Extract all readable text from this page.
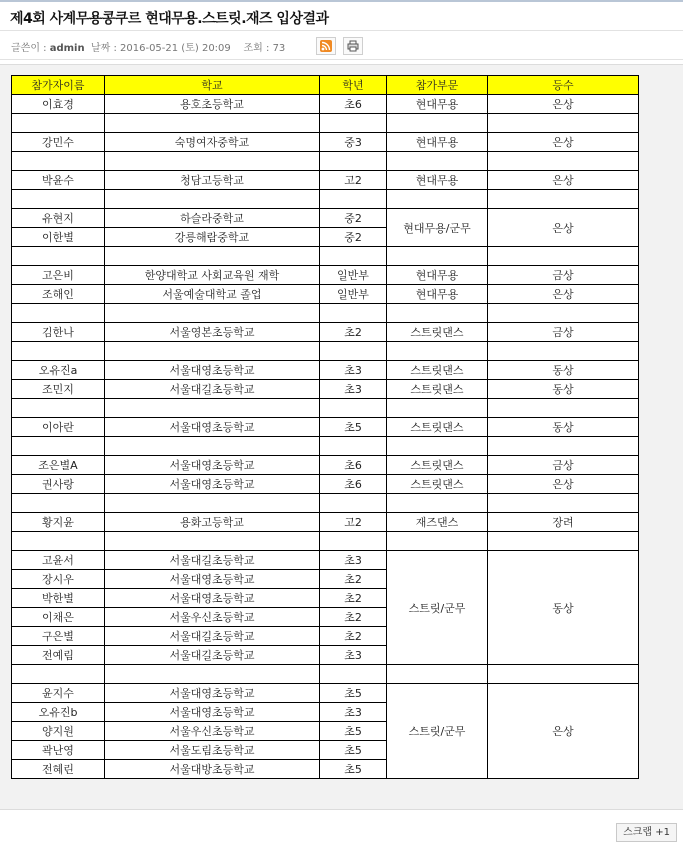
제4회 사계무용콩쿠르 현대무용.스트릿.재즈 입상결과
글쓴이 : admin 날짜 : 2016-05-21 (토) 20:09 조회 : 73
참가자이름	학교	학년	참가부문	등수
이효경	용호초등학교	초6	현대무용	은상

강민수	숙명여자중학교	중3	현대무용	은상

박윤수	청담고등학교	고2	현대무용	은상

유현지	하슬라중학교	중2	현대무용/군무	은상
이한별	강릉해람중학교	중2		

고은비	한양대학교 사회교육원 재학	일반부	현대무용	금상
조해인	서울예술대학교 졸업	일반부	현대무용	은상

김한나	서울영본초등학교	초2	스트릿댄스	금상

오유진a	서울대영초등학교	초3	스트릿댄스	동상
조민지	서울대길초등학교	초3	스트릿댄스	동상

이아란	서울대영초등학교	초5	스트릿댄스	동상

조은별A	서울대영초등학교	초6	스트릿댄스	금상
권사랑	서울대영초등학교	초6	스트릿댄스	은상

황지윤	용화고등학교	고2	재즈댄스	장려

고윤서	서울대길초등학교	초3	스트릿/군무	동상
장시우	서울대영초등학교	초2		
박한별	서울대영초등학교	초2		
이채은	서울우신초등학교	초2		
구은별	서울대길초등학교	초2		
전예림	서울대길초등학교	초3		

윤지수	서울대영초등학교	초5	스트릿/군무	은상
오유진b	서울대영초등학교	초3		
양지원	서울우신초등학교	초5		
곽난영	서울도림초등학교	초5		
전혜린	서울대방초등학교	초5		
스크랩 +1
